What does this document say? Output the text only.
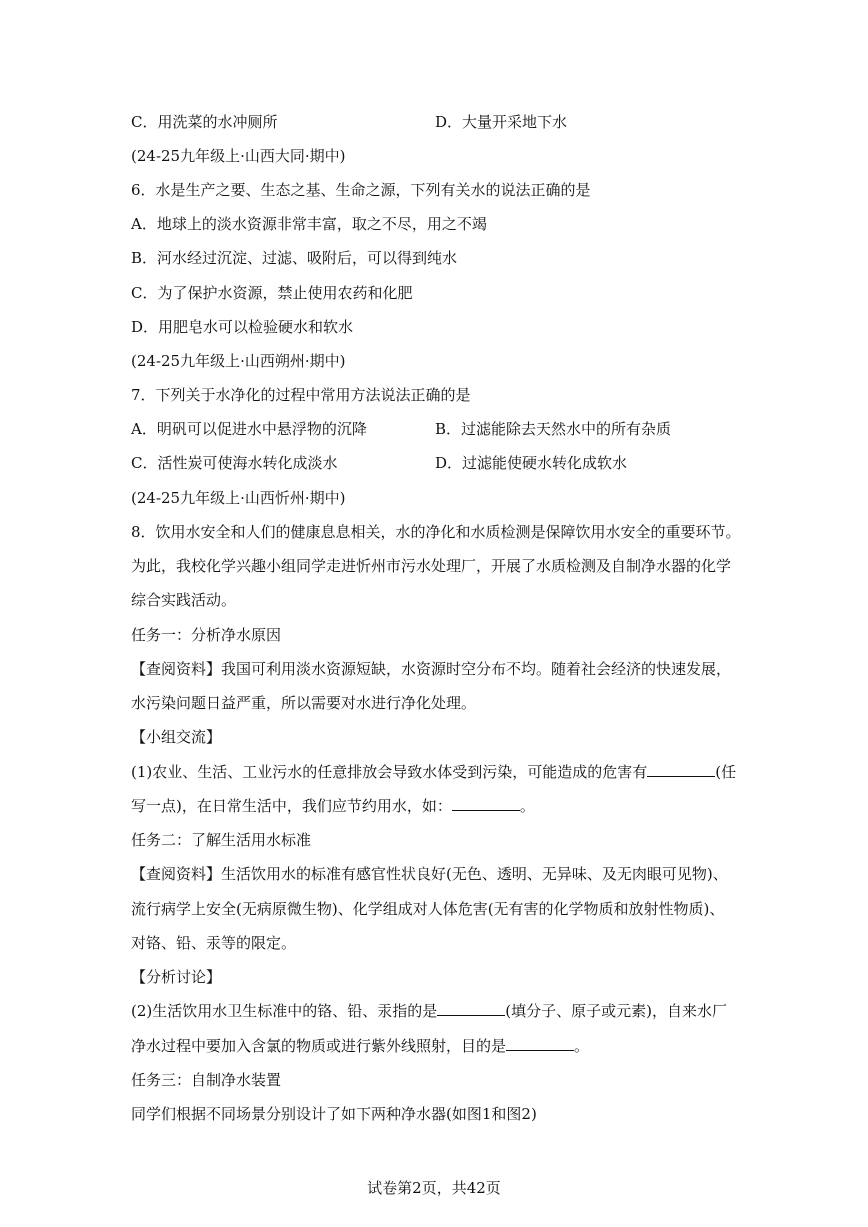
C．用洗菜的水冲厕所	D．大量开采地下水
(24-25九年级上·山西大同·期中)
6．水是生产之要、生态之基、生命之源，下列有关水的说法正确的是
A．地球上的淡水资源非常丰富，取之不尽，用之不竭
B．河水经过沉淀、过滤、吸附后，可以得到纯水
C．为了保护水资源，禁止使用农药和化肥
D．用肥皂水可以检验硬水和软水
(24-25九年级上·山西朔州·期中)
7．下列关于水净化的过程中常用方法说法正确的是
A．明矾可以促进水中悬浮物的沉降	B．过滤能除去天然水中的所有杂质
C．活性炭可使海水转化成淡水	D．过滤能使硬水转化成软水
(24-25九年级上·山西忻州·期中)
8．饮用水安全和人们的健康息息相关，水的净化和水质检测是保障饮用水安全的重要环节。
为此，我校化学兴趣小组同学走进忻州市污水处理厂，开展了水质检测及自制净水器的化学
综合实践活动。
任务一：分析净水原因
【查阅资料】我国可利用淡水资源短缺，水资源时空分布不均。随着社会经济的快速发展，
水污染问题日益严重，所以需要对水进行净化处理。
【小组交流】
(1)农业、生活、工业污水的任意排放会导致水体受到污染，可能造成的危害有	(任
写一点)，在日常生活中，我们应节约用水，如：	。
任务二：了解生活用水标准
【查阅资料】生活饮用水的标准有感官性状良好(无色、透明、无异味、及无肉眼可见物)、
流行病学上安全(无病原微生物)、化学组成对人体危害(无有害的化学物质和放射性物质)、
对铬、铅、汞等的限定。
【分析讨论】
(2)生活饮用水卫生标准中的铬、铅、汞指的是	(填分子、原子或元素)，自来水厂
净水过程中要加入含氯的物质或进行紫外线照射，目的是	。
任务三：自制净水装置
同学们根据不同场景分别设计了如下两种净水器(如图1和图2)
试卷第2页，共42页
